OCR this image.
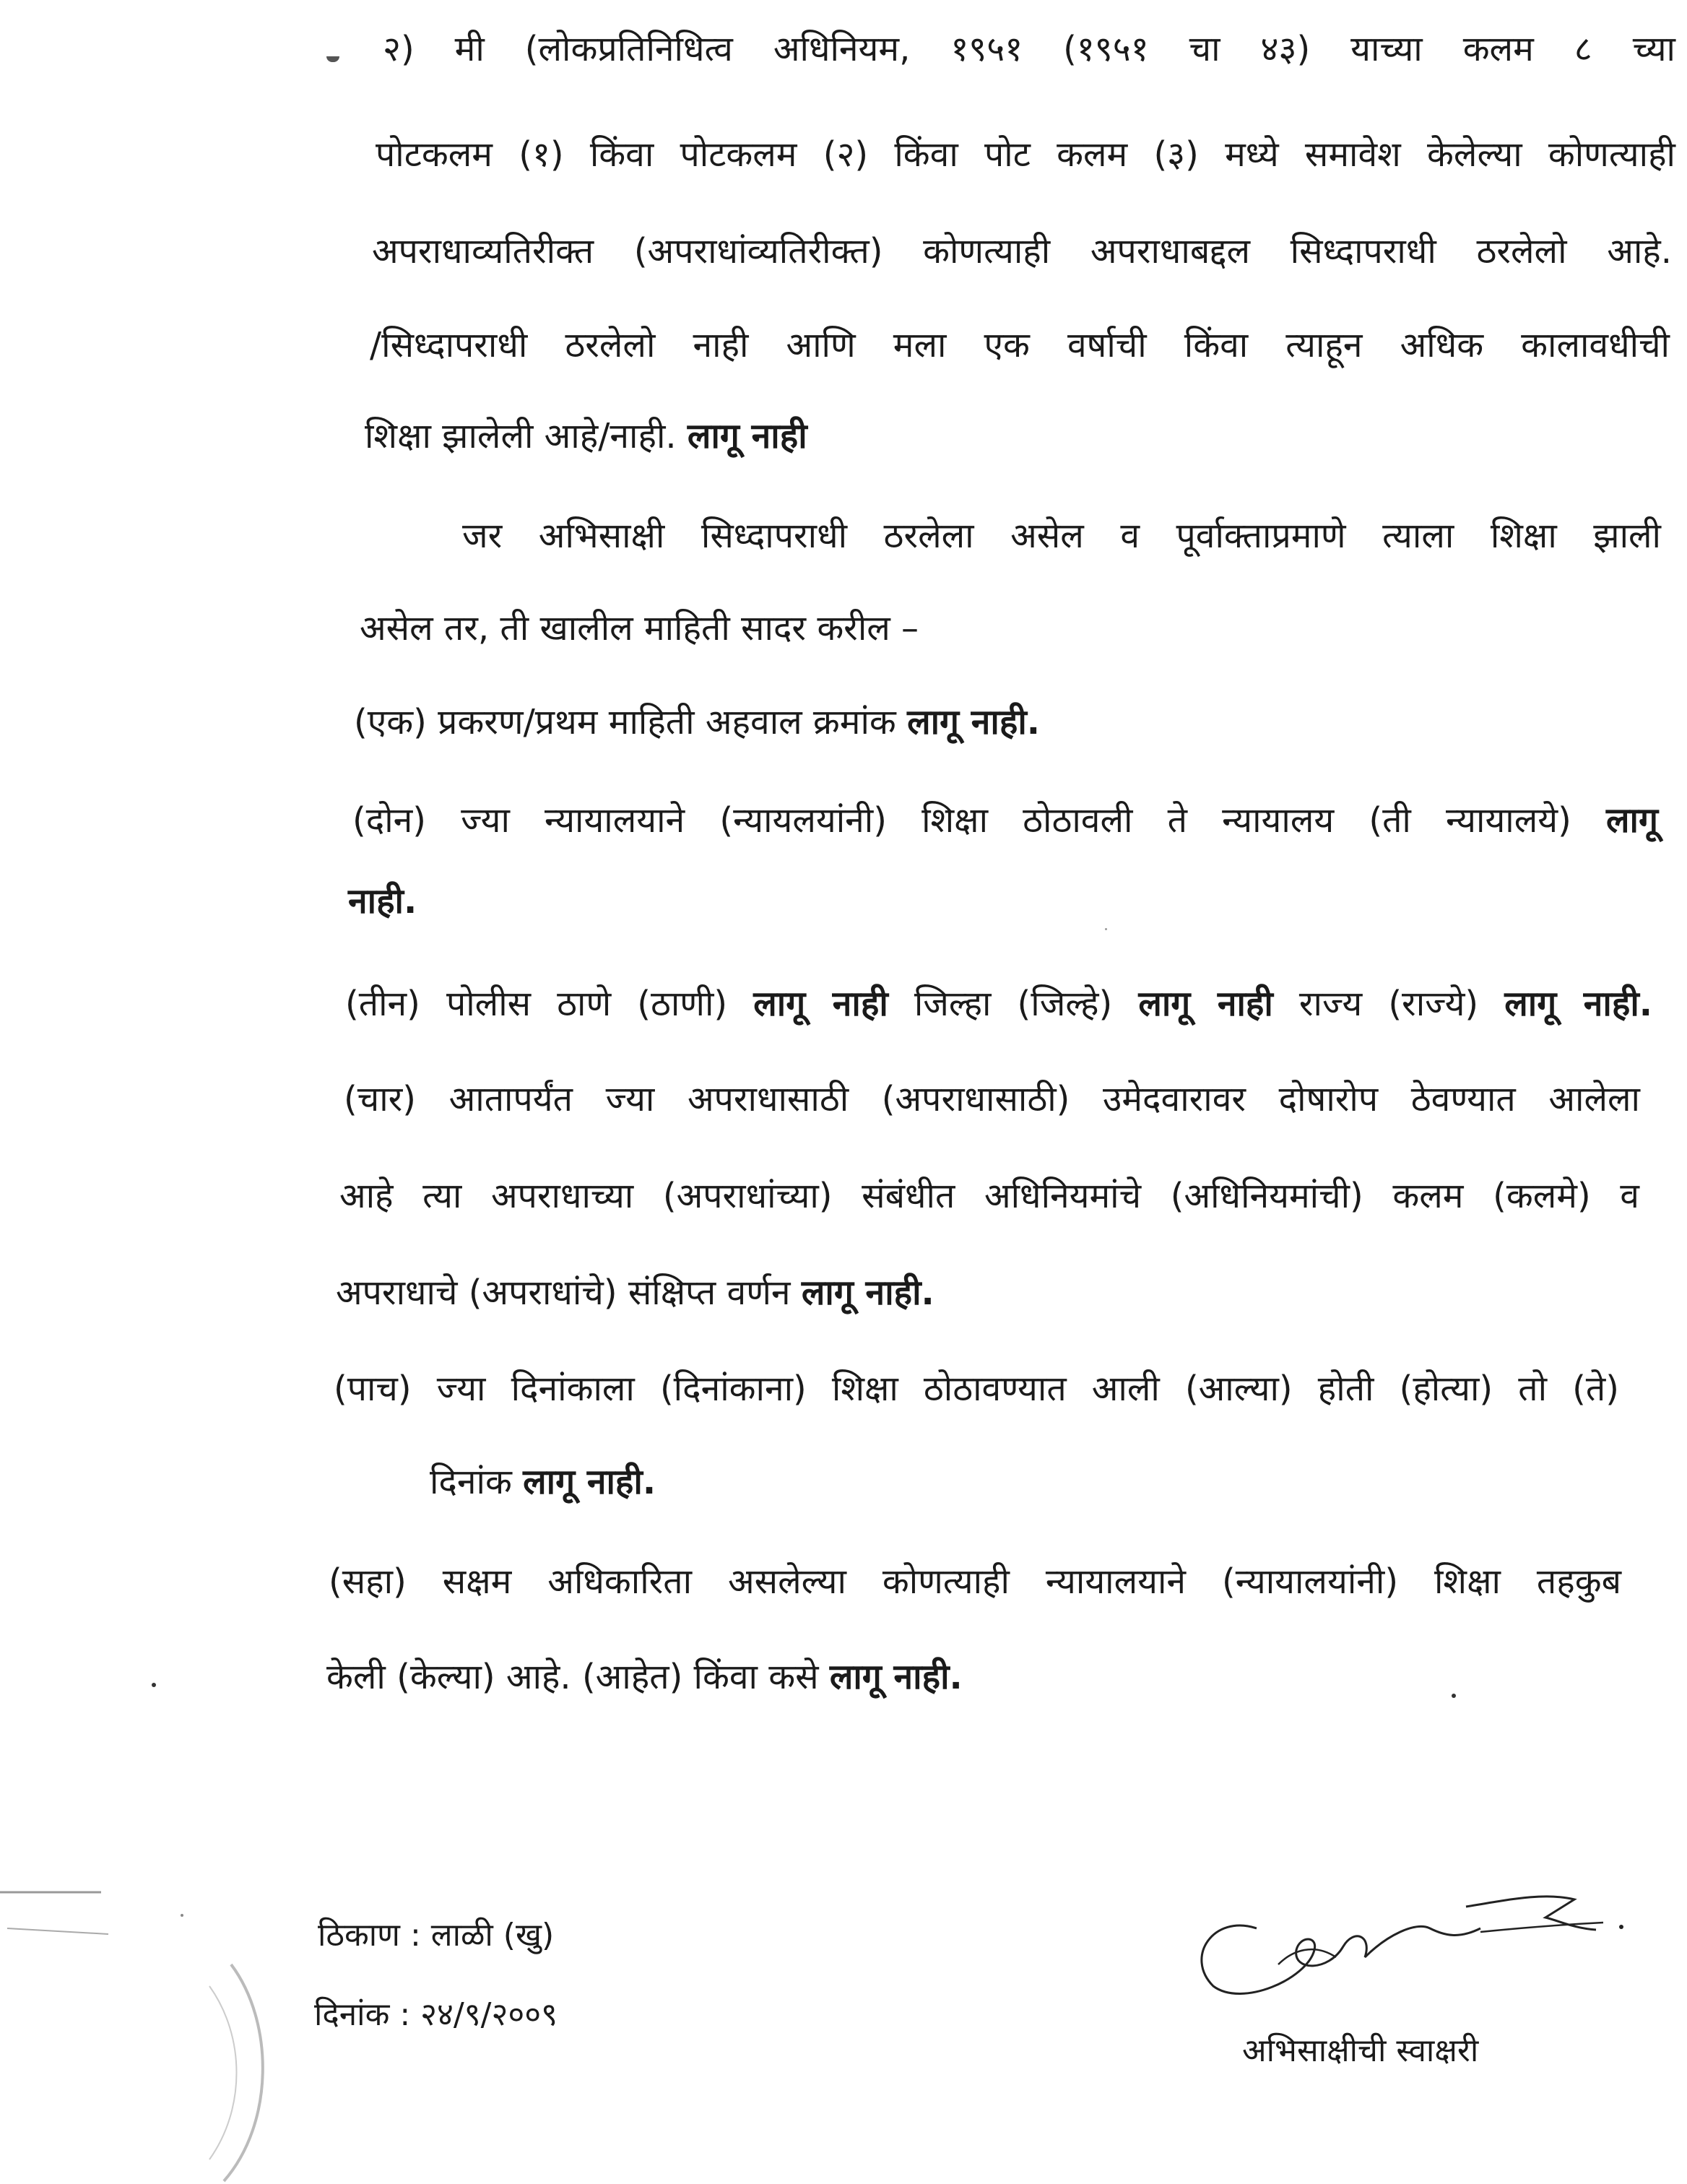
२) मी (लोकप्रतिनिधित्व अधिनियम, १९५१ (१९५१ चा ४३) याच्या कलम ८ च्या
पोटकलम (१) किंवा पोटकलम (२) किंवा पोट कलम (३) मध्ये समावेश केलेल्या कोणत्याही
अपराधाव्यतिरीक्त (अपराधांव्यतिरीक्त) कोणत्याही अपराधाबद्दल सिध्दापराधी ठरलेलो आहे.
/सिध्दापराधी ठरलेलो नाही आणि मला एक वर्षाची किंवा त्याहून अधिक कालावधीची
शिक्षा झालेली आहे/नाही. लागू नाही
जर अभिसाक्षी सिध्दापराधी ठरलेला असेल व पूर्वाक्ताप्रमाणे त्याला शिक्षा झाली
असेल तर, ती खालील माहिती सादर करील –
(एक) प्रकरण/प्रथम माहिती अहवाल क्रमांक लागू नाही.
(दोन) ज्या न्यायालयाने (न्यायलयांनी) शिक्षा ठोठावली ते न्यायालय (ती न्यायालये) लागू
नाही.
(तीन) पोलीस ठाणे (ठाणी) लागू नाही जिल्हा (जिल्हे) लागू नाही राज्य (राज्ये) लागू नाही.
(चार) आतापर्यंत ज्या अपराधासाठी (अपराधासाठी) उमेदवारावर दोषारोप ठेवण्यात आलेला
आहे त्या अपराधाच्या (अपराधांच्या) संबंधीत अधिनियमांचे (अधिनियमांची) कलम (कलमे) व
अपराधाचे (अपराधांचे) संक्षिप्त वर्णन लागू नाही.
(पाच) ज्या दिनांकाला (दिनांकाना) शिक्षा ठोठावण्यात आली (आल्या) होती (होत्या) तो (ते)
दिनांक लागू नाही.
(सहा) सक्षम अधिकारिता असलेल्या कोणत्याही न्यायालयाने (न्यायालयांनी) शिक्षा तहकुब
केली (केल्या) आहे. (आहेत) किंवा कसे लागू नाही.
ठिकाण : लाळी (खु)
दिनांक : २४/९/२००९
अभिसाक्षीची स्वाक्षरी
